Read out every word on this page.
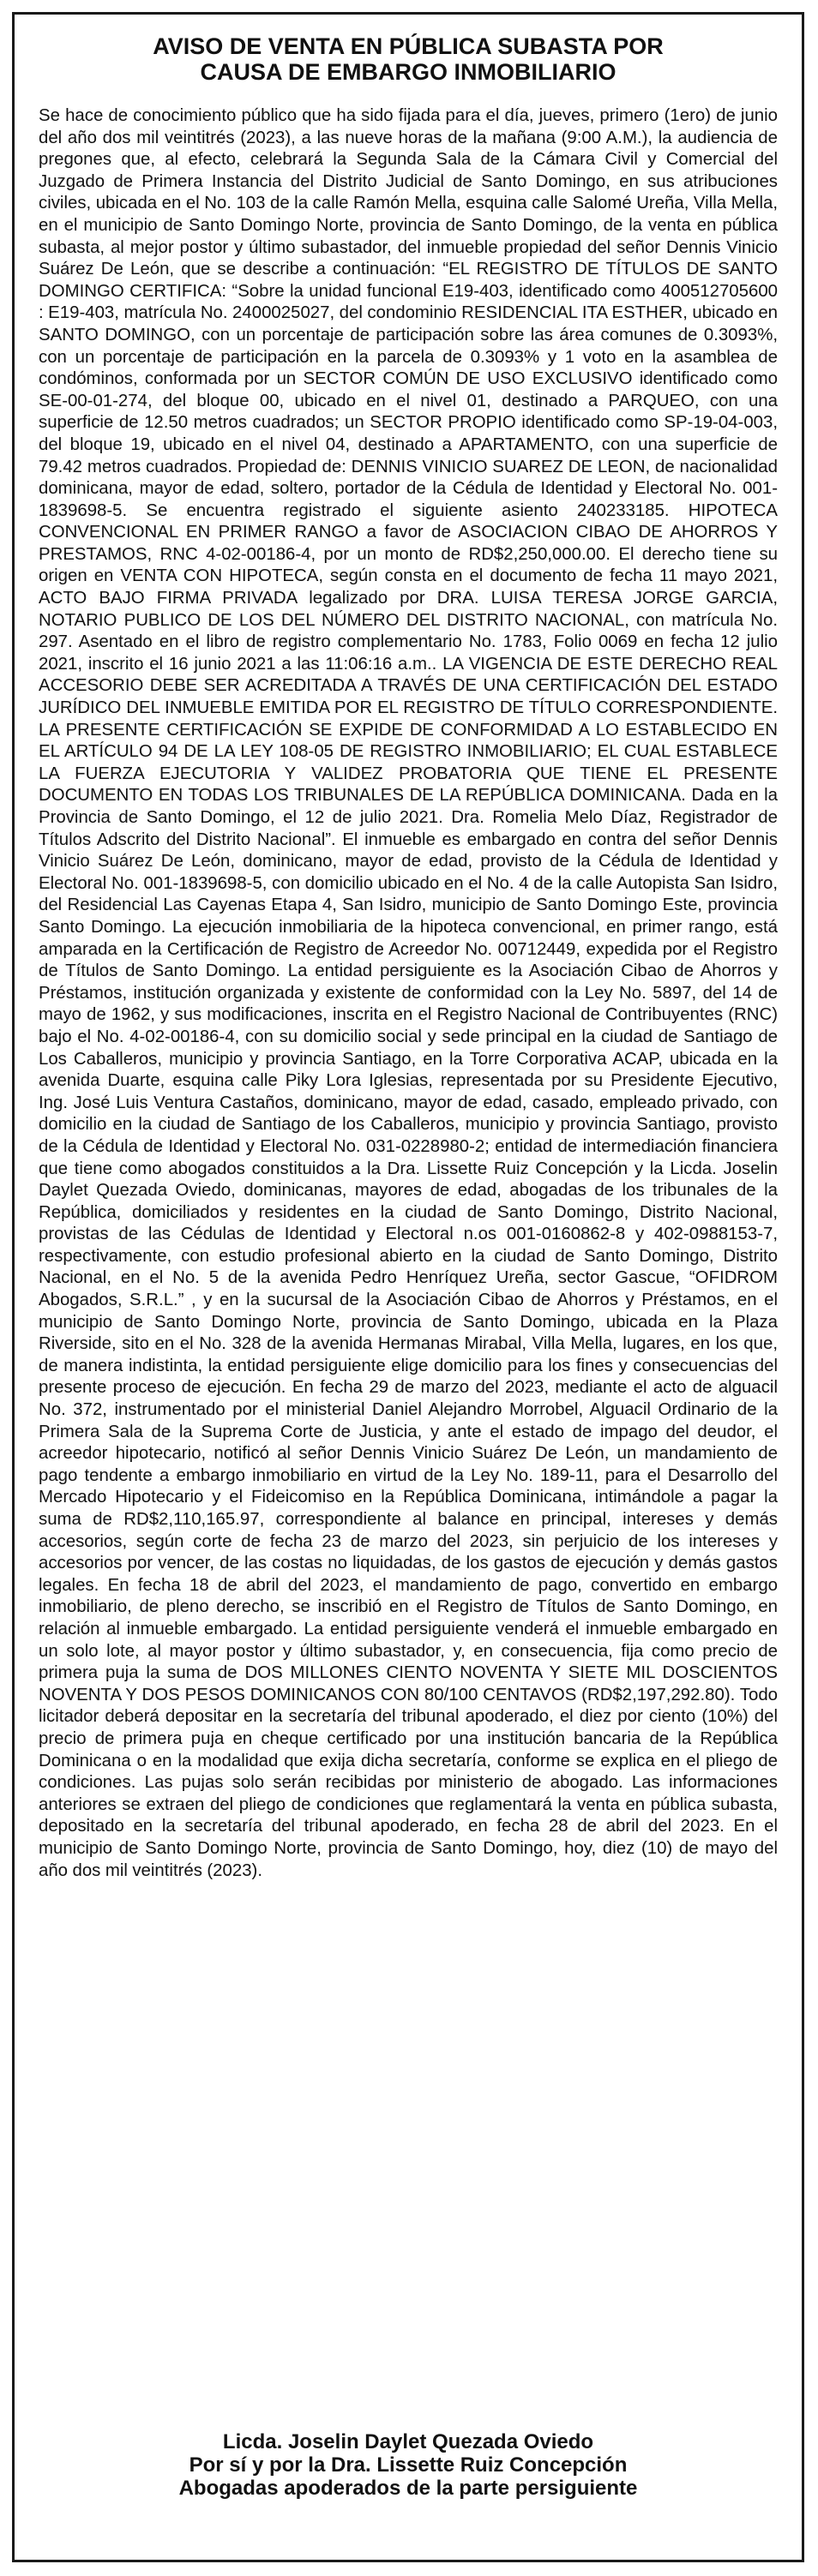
AVISO DE VENTA EN PÚBLICA SUBASTA POR
CAUSA DE EMBARGO INMOBILIARIO

Se hace de conocimiento público que ha sido fijada para el día, jueves, primero (1ero) de junio del año dos mil veintitrés (2023), a las nueve horas de la mañana (9:00 A.M.), la audiencia de pregones que, al efecto, celebrará la Segunda Sala de la Cámara Civil y Comercial del Juzgado de Primera Instancia del Distrito Judicial de Santo Domingo, en sus atribuciones civiles, ubicada en el No. 103 de la calle Ramón Mella, esquina calle Salomé Ureña, Villa Mella, en el municipio de Santo Domingo Norte, provincia de Santo Domingo, de la venta en pública subasta, al mejor postor y último subastador, del inmueble propiedad del señor Dennis Vinicio Suárez De León, que se describe a continuación: “EL REGISTRO DE TÍTULOS DE SANTO DOMINGO CERTIFICA: “Sobre la unidad funcional E19-403, identificado como 400512705600 : E19-403, matrícula No. 2400025027, del condominio RESIDENCIAL ITA ESTHER, ubicado en SANTO DOMINGO, con un porcentaje de participación sobre las área comunes de 0.3093%, con un porcentaje de participación en la parcela de 0.3093% y 1 voto en la asamblea de condóminos, conformada por un SECTOR COMÚN DE USO EXCLUSIVO identificado como SE-00-01-274, del bloque 00, ubicado en el nivel 01, destinado a PARQUEO, con una superficie de 12.50 metros cuadrados; un SECTOR PROPIO identificado como SP-19-04-003, del bloque 19, ubicado en el nivel 04, destinado a APARTAMENTO, con una superficie de 79.42 metros cuadrados. Propiedad de: DENNIS VINICIO SUAREZ DE LEON, de nacionalidad dominicana, mayor de edad, soltero, portador de la Cédula de Identidad y Electoral No. 001-1839698-5. Se encuentra registrado el siguiente asiento 240233185. HIPOTECA CONVENCIONAL EN PRIMER RANGO a favor de ASOCIACION CIBAO DE AHORROS Y PRESTAMOS, RNC 4-02-00186-4, por un monto de RD$2,250,000.00. El derecho tiene su origen en VENTA CON HIPOTECA, según consta en el documento de fecha 11 mayo 2021, ACTO BAJO FIRMA PRIVADA legalizado por DRA. LUISA TERESA JORGE GARCIA, NOTARIO PUBLICO DE LOS DEL NÚMERO DEL DISTRITO NACIONAL, con matrícula No. 297. Asentado en el libro de registro complementario No. 1783, Folio 0069 en fecha 12 julio 2021, inscrito el 16 junio 2021 a las 11:06:16 a.m.. LA VIGENCIA DE ESTE DERECHO REAL ACCESORIO DEBE SER ACREDITADA A TRAVÉS DE UNA CERTIFICACIÓN DEL ESTADO JURÍDICO DEL INMUEBLE EMITIDA POR EL REGISTRO DE TÍTULO CORRESPONDIENTE. LA PRESENTE CERTIFICACIÓN SE EXPIDE DE CONFORMIDAD A LO ESTABLECIDO EN EL ARTÍCULO 94 DE LA LEY 108-05 DE REGISTRO INMOBILIARIO; EL CUAL ESTABLECE LA FUERZA EJECUTORIA Y VALIDEZ PROBATORIA QUE TIENE EL PRESENTE DOCUMENTO EN TODAS LOS TRIBUNALES DE LA REPÚBLICA DOMINICANA. Dada en la Provincia de Santo Domingo, el 12 de julio 2021. Dra. Romelia Melo Díaz, Registrador de Títulos Adscrito del Distrito Nacional”. El inmueble es embargado en contra del señor Dennis Vinicio Suárez De León, dominicano, mayor de edad, provisto de la Cédula de Identidad y Electoral No. 001-1839698-5, con domicilio ubicado en el No. 4 de la calle Autopista San Isidro, del Residencial Las Cayenas Etapa 4, San Isidro, municipio de Santo Domingo Este, provincia Santo Domingo. La ejecución inmobiliaria de la hipoteca convencional, en primer rango, está amparada en la Certificación de Registro de Acreedor No. 00712449, expedida por el Registro de Títulos de Santo Domingo. La entidad persiguiente es la Asociación Cibao de Ahorros y Préstamos, institución organizada y existente de conformidad con la Ley No. 5897, del 14 de mayo de 1962, y sus modificaciones, inscrita en el Registro Nacional de Contribuyentes (RNC) bajo el No. 4-02-00186-4, con su domicilio social y sede principal en la ciudad de Santiago de Los Caballeros, municipio y provincia Santiago, en la Torre Corporativa ACAP, ubicada en la avenida Duarte, esquina calle Piky Lora Iglesias, representada por su Presidente Ejecutivo, Ing. José Luis Ventura Castaños, dominicano, mayor de edad, casado, empleado privado, con domicilio en la ciudad de Santiago de los Caballeros, municipio y provincia Santiago, provisto de la Cédula de Identidad y Electoral No. 031-0228980-2; entidad de intermediación financiera que tiene como abogados constituidos a la Dra. Lissette Ruiz Concepción y la Licda. Joselin Daylet Quezada Oviedo, dominicanas, mayores de edad, abogadas de los tribunales de la República, domiciliados y residentes en la ciudad de Santo Domingo, Distrito Nacional, provistas de las Cédulas de Identidad y Electoral n.os 001-0160862-8 y 402-0988153-7, respectivamente, con estudio profesional abierto en la ciudad de Santo Domingo, Distrito Nacional, en el No. 5 de la avenida Pedro Henríquez Ureña, sector Gascue, “OFIDROM Abogados, S.R.L.” , y en la sucursal de la Asociación Cibao de Ahorros y Préstamos, en el municipio de Santo Domingo Norte, provincia de Santo Domingo, ubicada en la Plaza Riverside, sito en el No. 328 de la avenida Hermanas Mirabal, Villa Mella, lugares, en los que, de manera indistinta, la entidad persiguiente elige domicilio para los fines y consecuencias del presente proceso de ejecución. En fecha 29 de marzo del 2023, mediante el acto de alguacil No. 372, instrumentado por el ministerial Daniel Alejandro Morrobel, Alguacil Ordinario de la Primera Sala de la Suprema Corte de Justicia, y ante el estado de impago del deudor, el acreedor hipotecario, notificó al señor Dennis Vinicio Suárez De León, un mandamiento de pago tendente a embargo inmobiliario en virtud de la Ley No. 189-11, para el Desarrollo del Mercado Hipotecario y el Fideicomiso en la República Dominicana, intimándole a pagar la suma de RD$2,110,165.97, correspondiente al balance en principal, intereses y demás accesorios, según corte de fecha 23 de marzo del 2023, sin perjuicio de los intereses y accesorios por vencer, de las costas no liquidadas, de los gastos de ejecución y demás gastos legales. En fecha 18 de abril del 2023, el mandamiento de pago, convertido en embargo inmobiliario, de pleno derecho, se inscribió en el Registro de Títulos de Santo Domingo, en relación al inmueble embargado. La entidad persiguiente venderá el inmueble embargado en un solo lote, al mayor postor y último subastador, y, en consecuencia, fija como precio de primera puja la suma de DOS MILLONES CIENTO NOVENTA Y SIETE MIL DOSCIENTOS NOVENTA Y DOS PESOS DOMINICANOS CON 80/100 CENTAVOS (RD$2,197,292.80). Todo licitador deberá depositar en la secretaría del tribunal apoderado, el diez por ciento (10%) del precio de primera puja en cheque certificado por una institución bancaria de la República Dominicana o en la modalidad que exija dicha secretaría, conforme se explica en el pliego de condiciones. Las pujas solo serán recibidas por ministerio de abogado. Las informaciones anteriores se extraen del pliego de condiciones que reglamentará la venta en pública subasta, depositado en la secretaría del tribunal apoderado, en fecha 28 de abril del 2023. En el municipio de Santo Domingo Norte, provincia de Santo Domingo, hoy, diez (10) de mayo del año dos mil veintitrés (2023).

Licda. Joselin Daylet Quezada Oviedo
Por sí y por la Dra. Lissette Ruiz Concepción
Abogadas apoderados de la parte persiguiente
